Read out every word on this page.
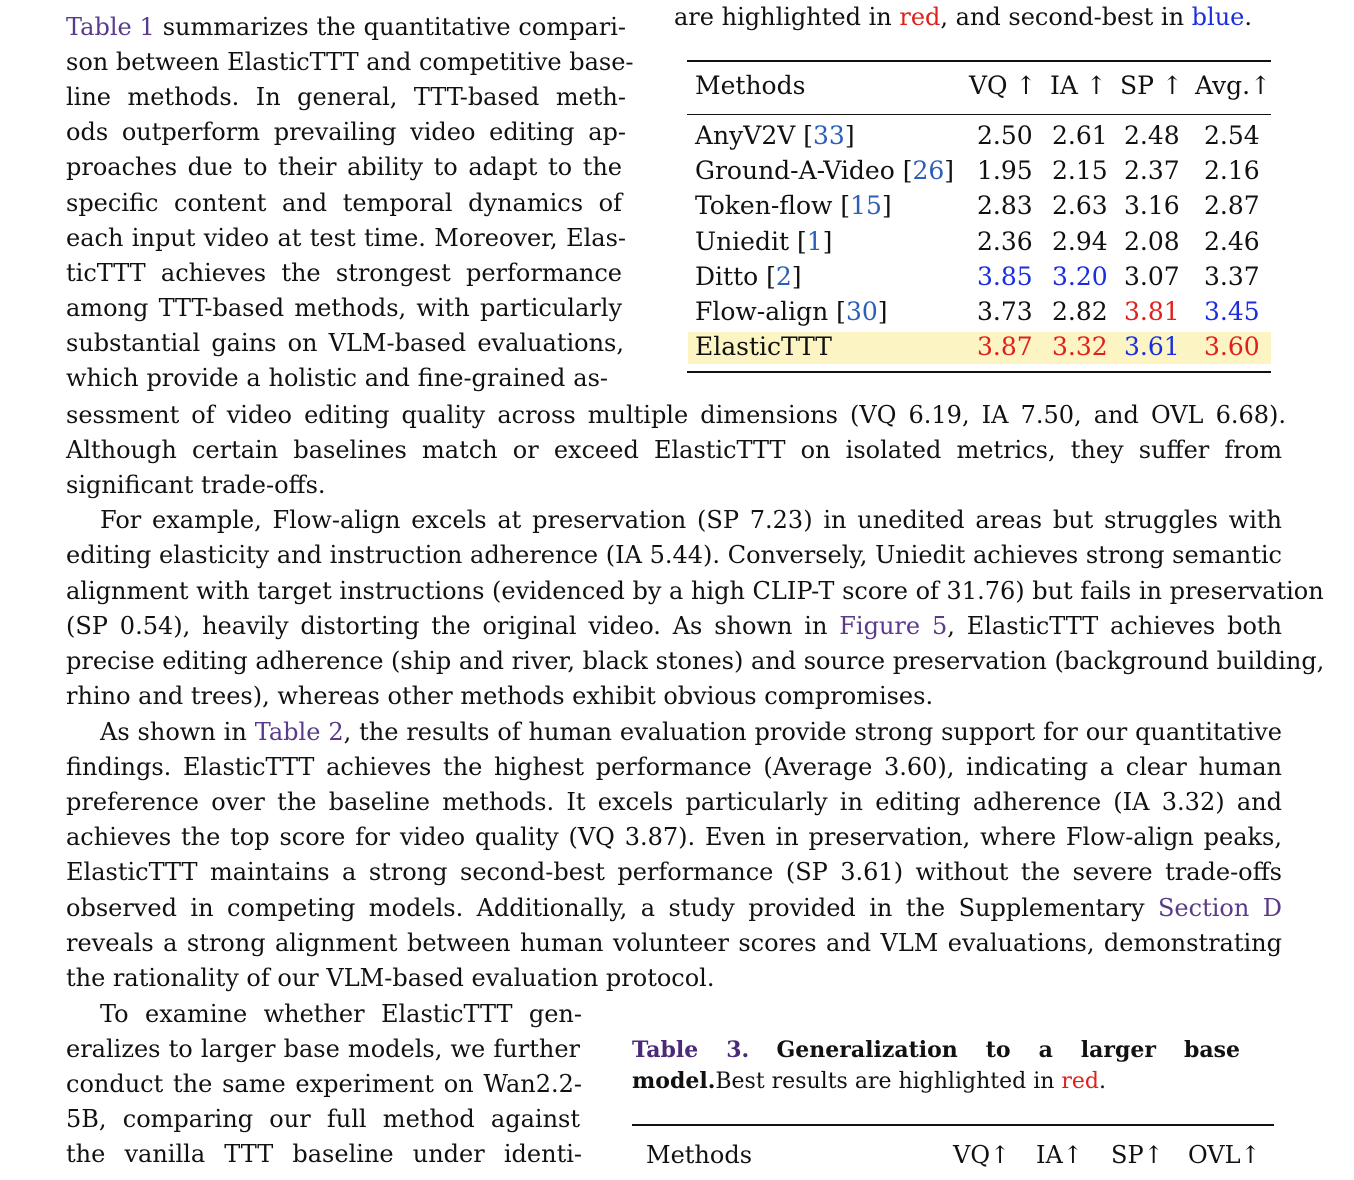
are highlighted in red, and second-best in blue.
Table 1 summarizes the quantitative compari-
son between ElasticTTT and competitive base-
line methods. In general, TTT-based meth-
ods outperform prevailing video editing ap-
proaches due to their ability to adapt to the
specific content and temporal dynamics of
each input video at test time. Moreover, Elas-
ticTTT achieves the strongest performance
among TTT-based methods, with particularly
substantial gains on VLM-based evaluations,
which provide a holistic and fine-grained as-
Methods	VQ ↑ IA ↑ SP ↑ Avg.↑
AnyV2V [33]	2.50 2.61 2.48 2.54
Ground-A-Video [26] 1.95 2.15 2.37 2.16
Token-flow [15]	2.83 2.63 3.16 2.87
Uniedit [1]	2.36 2.94 2.08 2.46
Ditto [2]	3.85 3.20 3.07 3.37
Flow-align [30]	3.73 2.82 3.81 3.45
ElasticTTT	3.87 3.32 3.61 3.60
sessment of video editing quality across multiple dimensions (VQ 6.19, IA 7.50, and OVL 6.68).
Although certain baselines match or exceed ElasticTTT on isolated metrics, they suffer from
significant trade-offs.
For example, Flow-align excels at preservation (SP 7.23) in unedited areas but struggles with
editing elasticity and instruction adherence (IA 5.44). Conversely, Uniedit achieves strong semantic
alignment with target instructions (evidenced by a high CLIP-T score of 31.76) but fails in preservation
(SP 0.54), heavily distorting the original video. As shown in Figure 5, ElasticTTT achieves both
precise editing adherence (ship and river, black stones) and source preservation (background building,
rhino and trees), whereas other methods exhibit obvious compromises.
As shown in Table 2, the results of human evaluation provide strong support for our quantitative
findings. ElasticTTT achieves the highest performance (Average 3.60), indicating a clear human
preference over the baseline methods. It excels particularly in editing adherence (IA 3.32) and
achieves the top score for video quality (VQ 3.87). Even in preservation, where Flow-align peaks,
ElasticTTT maintains a strong second-best performance (SP 3.61) without the severe trade-offs
observed in competing models. Additionally, a study provided in the Supplementary Section D
reveals a strong alignment between human volunteer scores and VLM evaluations, demonstrating
the rationality of our VLM-based evaluation protocol.
To examine whether ElasticTTT gen-
eralizes to larger base models, we further
conduct the same experiment on Wan2.2-
5B, comparing our full method against
the vanilla TTT baseline under identi-
Table 3. Generalization to a larger base
model.Best results are highlighted in red.
Methods	VQ↑ IA↑ SP↑ OVL↑
